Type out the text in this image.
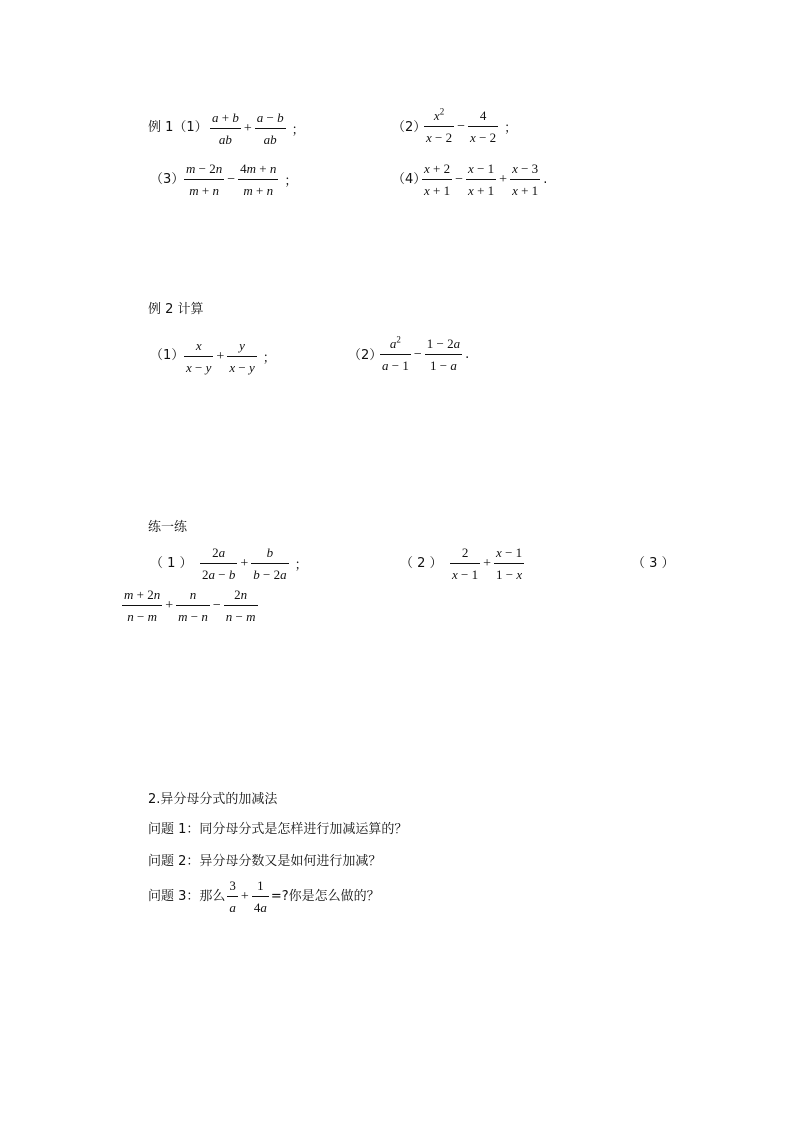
例 $1(1) \frac{a + b}{ab} + \frac{a - b}{ab}$ ；	（2）
$\frac{x^2}{x - 2} - \frac{4}{x - 2}$ ；
$(3) \frac{m - 2n}{m + n} - \frac{4m + n}{m + n}$ ；	（4）
$\frac{x + 2}{x + 1} - \frac{x - 1}{x + 1} + \frac{x - 3}{x + 1}$ .
例 2 计算
$(1) \frac{x}{x - y} + \frac{y}{x - y}$ ；	（2）
$\frac{a^2}{a - 1} - \frac{1 - 2a}{1 - a}$ .
练一练
（ 1 ） $\frac{2a}{2a - b} + \frac{b}{b - 2a}$ ；	（ 2 ） $\frac{2}{x - 1} + \frac{x - 1}{1 - x}$	（ 3 ）
$\frac{m + 2n}{n - m} + \frac{n}{m - n} - \frac{2n}{n - m}$
2.异分母分式的加减法
问题 1：同分母分式是怎样进行加减运算的？
问题 2：异分母分数又是如何进行加减？
问题 3：那么 $\frac{3}{a} + \frac{1}{4a}$ =?你是怎么做的？
